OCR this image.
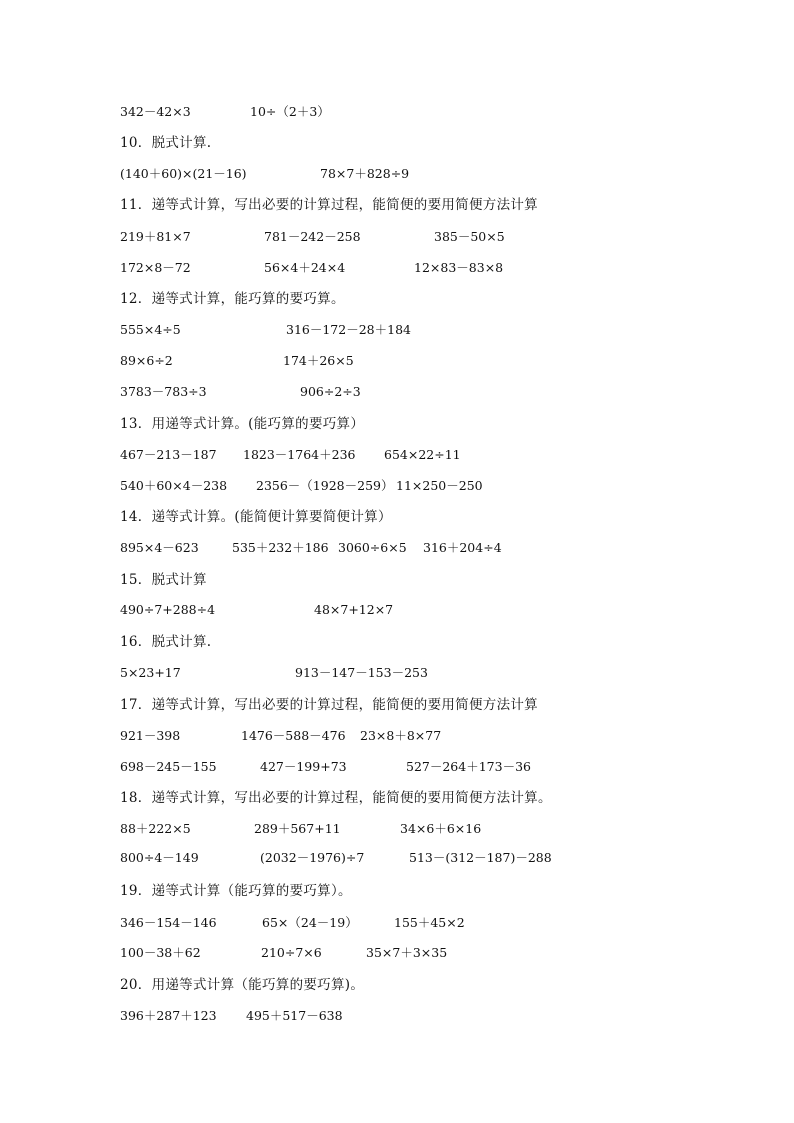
342－42×3	10÷（2＋3）
10．脱式计算.
(140＋60)×(21－16)	78×7＋828÷9
11．递等式计算，写出必要的计算过程，能简便的要用简便方法计算
219＋81×7	781－242－258	385－50×5
172×8－72	56×4＋24×4	12×83－83×8
12．递等式计算，能巧算的要巧算。
555×4÷5	316－172－28＋184
89×6÷2	174＋26×5
3783－783÷3	906÷2÷3
13．用递等式计算。(能巧算的要巧算）
467－213－187 1823－1764＋236 654×22÷11
540＋60×4－238 2356－（1928－259） 11×250－250
14．递等式计算。(能简便计算要简便计算）
895×4－623	535＋232＋186 3060÷6×5 316＋204÷4
15．脱式计算
490÷7+288÷4	48×7+12×7
16．脱式计算.
5×23+17	913－147－153－253
17．递等式计算，写出必要的计算过程，能简便的要用简便方法计算
921－398	1476－588－476 23×8＋8×77
698－245－155	427－199+73	527－264＋173－36
18．递等式计算，写出必要的计算过程，能简便的要用简便方法计算。
88＋222×5	289＋567+11	34×6＋6×16
800÷4－149	(2032－1976)÷7	513－(312－187)－288
19．递等式计算（能巧算的要巧算）。
346－154－146	65×（24－19）	155＋45×2
100－38＋62	210÷7×6	35×7＋3×35
20．用递等式计算（能巧算的要巧算)。
396＋287＋123 495＋517－638
